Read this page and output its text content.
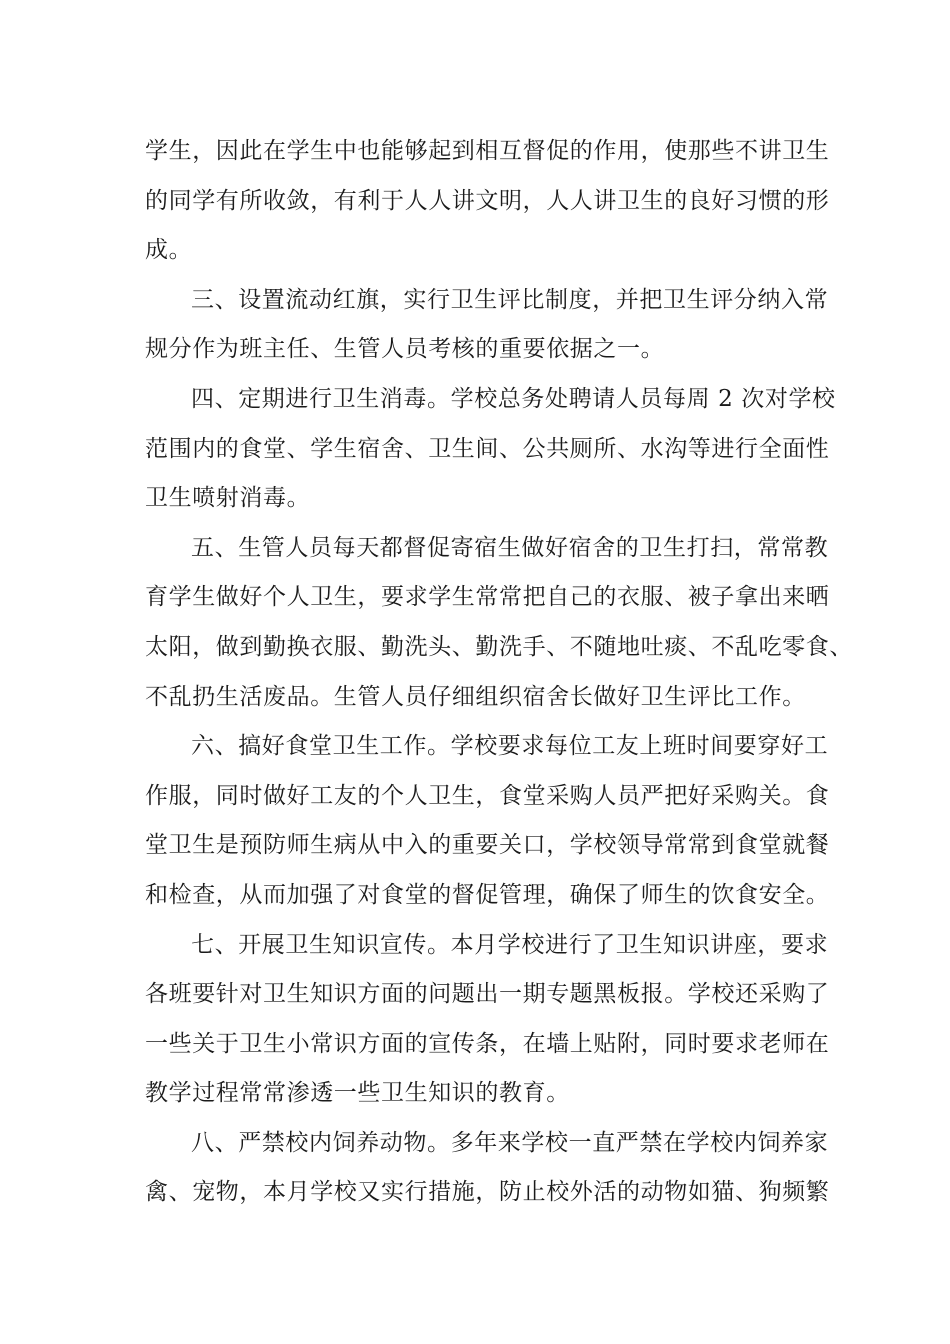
学生，因此在学生中也能够起到相互督促的作用，使那些不讲卫生
的同学有所收敛，有利于人人讲文明，人人讲卫生的良好习惯的形
成。
三、设置流动红旗，实行卫生评比制度，并把卫生评分纳入常
规分作为班主任、生管人员考核的重要依据之一。
四、定期进行卫生消毒。学校总务处聘请人员每周 2 次对学校
范围内的食堂、学生宿舍、卫生间、公共厕所、水沟等进行全面性
卫生喷射消毒。
五、生管人员每天都督促寄宿生做好宿舍的卫生打扫，常常教
育学生做好个人卫生，要求学生常常把自己的衣服、被子拿出来晒
太阳，做到勤换衣服、勤洗头、勤洗手、不随地吐痰、不乱吃零食、
不乱扔生活废品。生管人员仔细组织宿舍长做好卫生评比工作。
六、搞好食堂卫生工作。学校要求每位工友上班时间要穿好工
作服，同时做好工友的个人卫生，食堂采购人员严把好采购关。食
堂卫生是预防师生病从中入的重要关口，学校领导常常到食堂就餐
和检查，从而加强了对食堂的督促管理，确保了师生的饮食安全。
七、开展卫生知识宣传。本月学校进行了卫生知识讲座，要求
各班要针对卫生知识方面的问题出一期专题黑板报。学校还采购了
一些关于卫生小常识方面的宣传条，在墙上贴附，同时要求老师在
教学过程常常渗透一些卫生知识的教育。
八、严禁校内饲养动物。多年来学校一直严禁在学校内饲养家
禽、宠物，本月学校又实行措施，防止校外活的动物如猫、狗频繁
